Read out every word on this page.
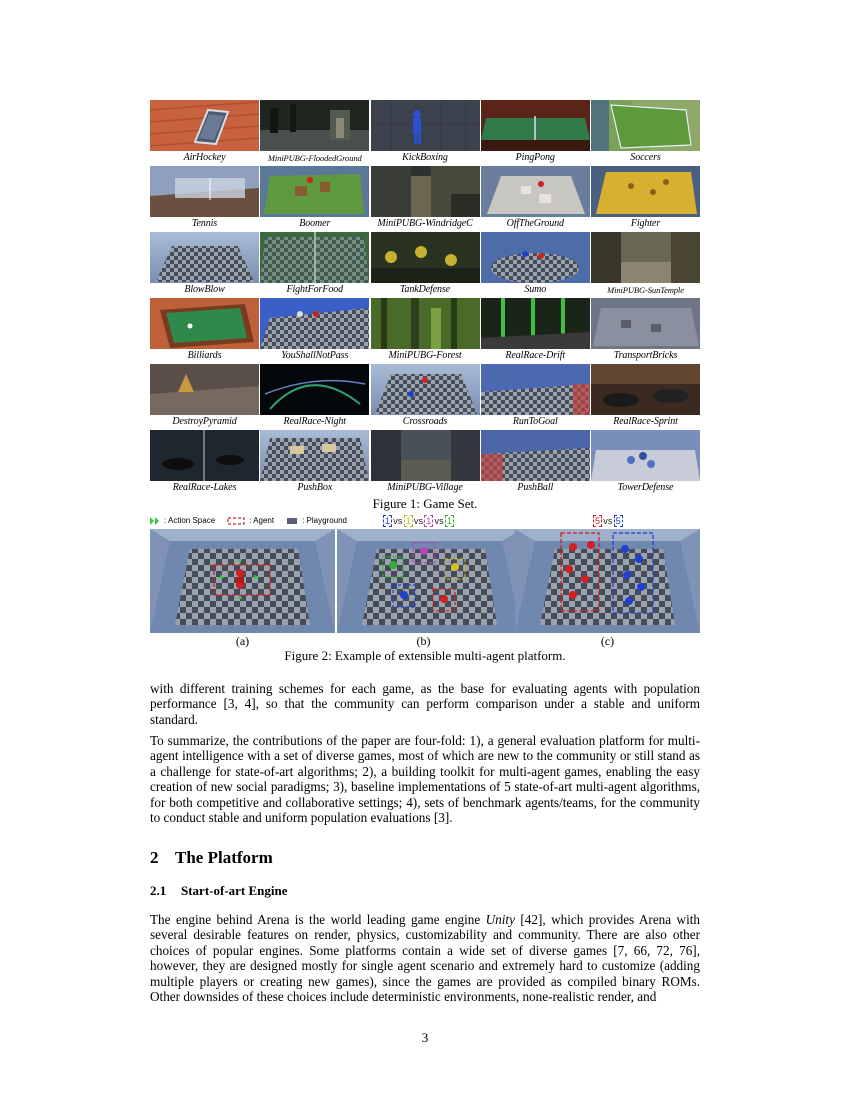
AirHockey	MiniPUBG-FloodedGround	KickBoxing	PingPong	Soccers
Tennis	Boomer	MiniPUBG-WindridgeC	OffTheGround	Fighter
BlowBlow	FightForFood	TankDefense	Sumo	MiniPUBG-SunTemple
Billiards	YouShallNotPass	MiniPUBG-Forest	RealRace-Drift	TransportBricks
DestroyPyramid	RealRace-Night	Crossroads	RunToGoal	RealRace-Sprint
RealRace-Lakes	PushBox	MiniPUBG-Village	PushBall	TowerDefense
Figure 1: Game Set.
: Action Space	: Agent	: Playground	1 vs 1 vs 1 vs 1	5 vs 5
(a)	(b)	(c)
Figure 2: Example of extensible multi-agent platform.
with different training schemes for each game, as the base for evaluating agents with population performance [3, 4], so that the community can perform comparison under a stable and uniform standard.
To summarize, the contributions of the paper are four-fold: 1), a general evaluation platform for multi-agent intelligence with a set of diverse games, most of which are new to the community or still stand as a challenge for state-of-art algorithms; 2), a building toolkit for multi-agent games, enabling the easy creation of new social paradigms; 3), baseline implementations of 5 state-of-art multi-agent algorithms, for both competitive and collaborative settings; 4), sets of benchmark agents/teams, for the community to conduct stable and uniform population evaluations [3].
2 The Platform
2.1 Start-of-art Engine
The engine behind Arena is the world leading game engine Unity [42], which provides Arena with several desirable features on render, physics, customizability and community. There are also other choices of popular engines. Some platforms contain a wide set of diverse games [7, 66, 72, 76], however, they are designed mostly for single agent scenario and extremely hard to customize (adding multiple players or creating new games), since the games are provided as compiled binary ROMs. Other downsides of these choices include deterministic environments, none-realistic render, and
3
